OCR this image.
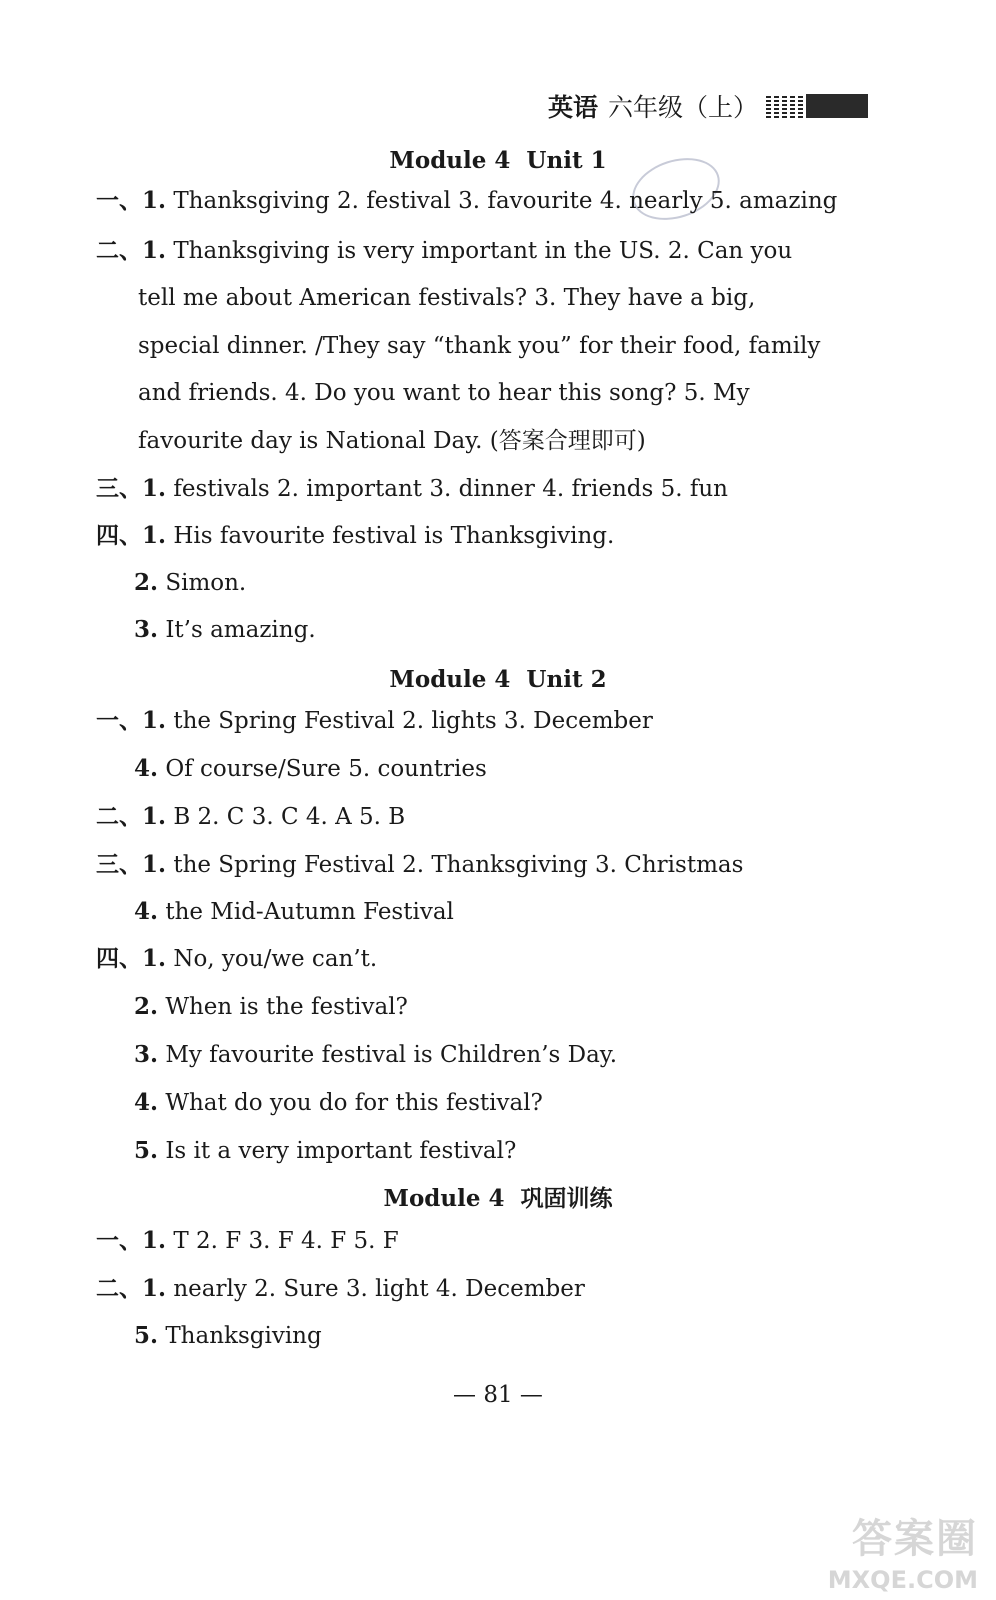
英语 六年级（上）
Module 4 Unit 1
一、1. Thanksgiving 2. festival 3. favourite 4. nearly 5. amazing
二、1. Thanksgiving is very important in the US. 2. Can you
tell me about American festivals? 3. They have a big,
special dinner. /They say “thank you” for their food, family
and friends. 4. Do you want to hear this song? 5. My
favourite day is National Day. (答案合理即可)
三、1. festivals 2. important 3. dinner 4. friends 5. fun
四、1. His favourite festival is Thanksgiving.
2. Simon.
3. It’s amazing.
Module 4 Unit 2
一、1. the Spring Festival 2. lights 3. December
4. Of course/Sure 5. countries
二、1. B 2. C 3. C 4. A 5. B
三、1. the Spring Festival 2. Thanksgiving 3. Christmas
4. the Mid-Autumn Festival
四、1. No, you/we can’t.
2. When is the festival?
3. My favourite festival is Children’s Day.
4. What do you do for this festival?
5. Is it a very important festival?
Module 4 巩固训练
一、1. T 2. F 3. F 4. F 5. F
二、1. nearly 2. Sure 3. light 4. December
5. Thanksgiving
— 81 —
答案圈
MXQE.COM
